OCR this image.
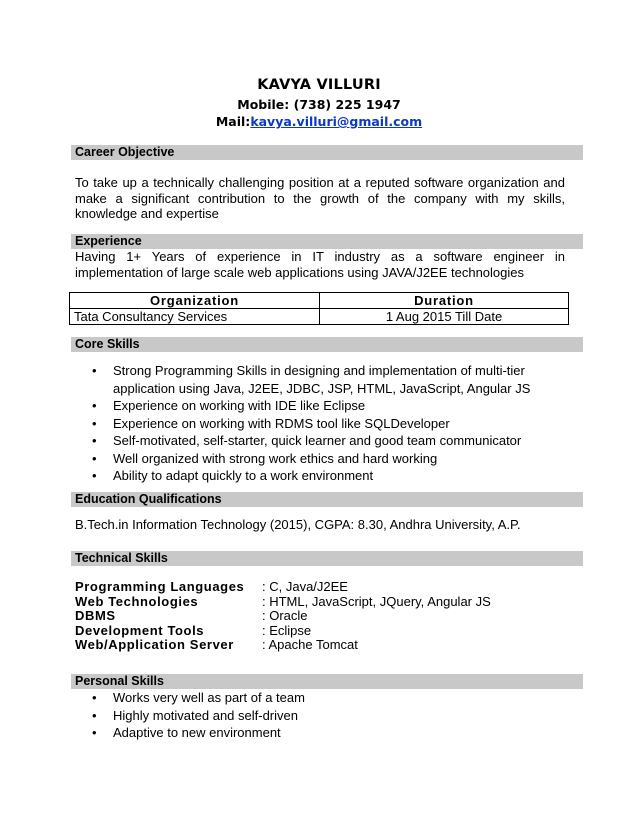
KAVYA VILLURI
Mobile: (738) 225 1947
Mail:kavya.villuri@gmail.com
Career Objective
To take up a technically challenging position at a reputed software organization and make a significant contribution to the growth of the company with my skills, knowledge and expertise
Experience
Having 1+ Years of experience in IT industry as a software engineer in implementation of large scale web applications using JAVA/J2EE technologies
Organization	Duration
Tata Consultancy Services	1 Aug 2015 Till Date
Core Skills
• Strong Programming Skills in designing and implementation of multi-tier application using Java, J2EE, JDBC, JSP, HTML, JavaScript, Angular JS
• Experience on working with IDE like Eclipse
• Experience on working with RDMS tool like SQLDeveloper
• Self-motivated, self-starter, quick learner and good team communicator
• Well organized with strong work ethics and hard working
• Ability to adapt quickly to a work environment
Education Qualifications
B.Tech.in Information Technology (2015), CGPA: 8.30, Andhra University, A.P.
Technical Skills
Programming Languages : C, Java/J2EE
Web Technologies	: HTML, JavaScript, JQuery, Angular JS
DBMS	: Oracle
Development Tools	: Eclipse
Web/Application Server : Apache Tomcat
Personal Skills
• Works very well as part of a team
• Highly motivated and self-driven
• Adaptive to new environment
